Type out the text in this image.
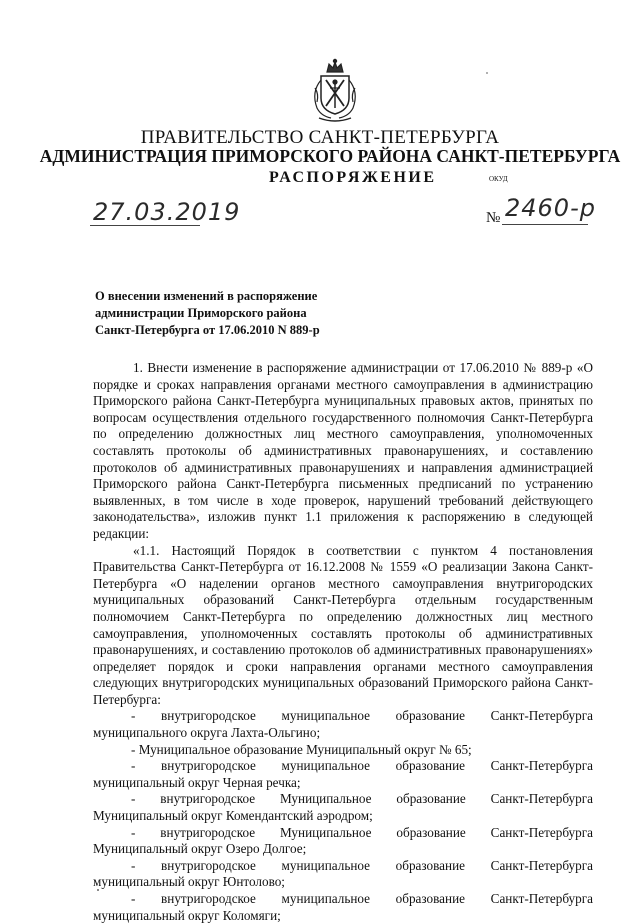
ПРАВИТЕЛЬСТВО САНКТ-ПЕТЕРБУРГА
АДМИНИСТРАЦИЯ ПРИМОРСКОГО РАЙОНА САНКТ-ПЕТЕРБУРГА
РАСПОРЯЖЕНИЕ	ОКУД
27.03.2019	№ 2460-р
О внесении изменений в распоряжение
администрации Приморского района
Санкт-Петербурга от 17.06.2010 N 889-р

1. Внести изменение в распоряжение администрации от 17.06.2010 № 889-р «О порядке и сроках направления органами местного самоуправления в администрацию Приморского района Санкт-Петербурга муниципальных правовых актов, принятых по вопросам осуществления отдельного государственного полномочия Санкт-Петербурга по определению должностных лиц местного самоуправления, уполномоченных составлять протоколы об административных правонарушениях, и составлению протоколов об административных правонарушениях и направления администрацией Приморского района Санкт-Петербурга письменных предписаний по устранению выявленных, в том числе в ходе проверок, нарушений требований действующего законодательства», изложив пункт 1.1 приложения к распоряжению в следующей редакции:

«1.1. Настоящий Порядок в соответствии с пунктом 4 постановления Правительства Санкт-Петербурга от 16.12.2008 № 1559 «О реализации Закона Санкт-Петербурга «О наделении органов местного самоуправления внутригородских муниципальных образований Санкт-Петербурга отдельным государственным полномочием Санкт-Петербурга по определению должностных лиц местного самоуправления, уполномоченных составлять протоколы об административных правонарушениях, и составлению протоколов об административных правонарушениях» определяет порядок и сроки направления органами местного самоуправления следующих внутригородских муниципальных образований Приморского района Санкт-Петербурга:

- внутригородское муниципальное образование Санкт-Петербурга муниципального округа Лахта-Ольгино;

- Муниципальное образование Муниципальный округ № 65;

- внутригородское муниципальное образование Санкт-Петербурга муниципальный округ Черная речка;

- внутригородское Муниципальное образование Санкт-Петербурга Муниципальный округ Комендантский аэродром;

- внутригородское Муниципальное образование Санкт-Петербурга Муниципальный округ Озеро Долгое;

- внутригородское муниципальное образование Санкт-Петербурга муниципальный округ Юнтолово;

- внутригородское муниципальное образование Санкт-Петербурга муниципальный округ Коломяги;
